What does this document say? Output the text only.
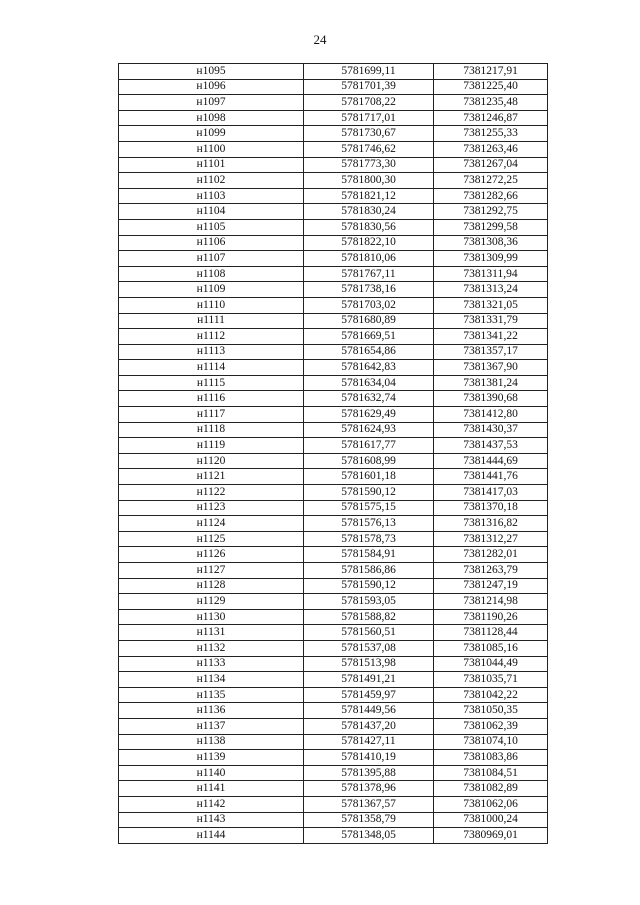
24
н1095	5781699,11	7381217,91
н1096	5781701,39	7381225,40
н1097	5781708,22	7381235,48
н1098	5781717,01	7381246,87
н1099	5781730,67	7381255,33
н1100	5781746,62	7381263,46
н1101	5781773,30	7381267,04
н1102	5781800,30	7381272,25
н1103	5781821,12	7381282,66
н1104	5781830,24	7381292,75
н1105	5781830,56	7381299,58
н1106	5781822,10	7381308,36
н1107	5781810,06	7381309,99
н1108	5781767,11	7381311,94
н1109	5781738,16	7381313,24
н1110	5781703,02	7381321,05
н1111	5781680,89	7381331,79
н1112	5781669,51	7381341,22
н1113	5781654,86	7381357,17
н1114	5781642,83	7381367,90
н1115	5781634,04	7381381,24
н1116	5781632,74	7381390,68
н1117	5781629,49	7381412,80
н1118	5781624,93	7381430,37
н1119	5781617,77	7381437,53
н1120	5781608,99	7381444,69
н1121	5781601,18	7381441,76
н1122	5781590,12	7381417,03
н1123	5781575,15	7381370,18
н1124	5781576,13	7381316,82
н1125	5781578,73	7381312,27
н1126	5781584,91	7381282,01
н1127	5781586,86	7381263,79
н1128	5781590,12	7381247,19
н1129	5781593,05	7381214,98
н1130	5781588,82	7381190,26
н1131	5781560,51	7381128,44
н1132	5781537,08	7381085,16
н1133	5781513,98	7381044,49
н1134	5781491,21	7381035,71
н1135	5781459,97	7381042,22
н1136	5781449,56	7381050,35
н1137	5781437,20	7381062,39
н1138	5781427,11	7381074,10
н1139	5781410,19	7381083,86
н1140	5781395,88	7381084,51
н1141	5781378,96	7381082,89
н1142	5781367,57	7381062,06
н1143	5781358,79	7381000,24
н1144	5781348,05	7380969,01
